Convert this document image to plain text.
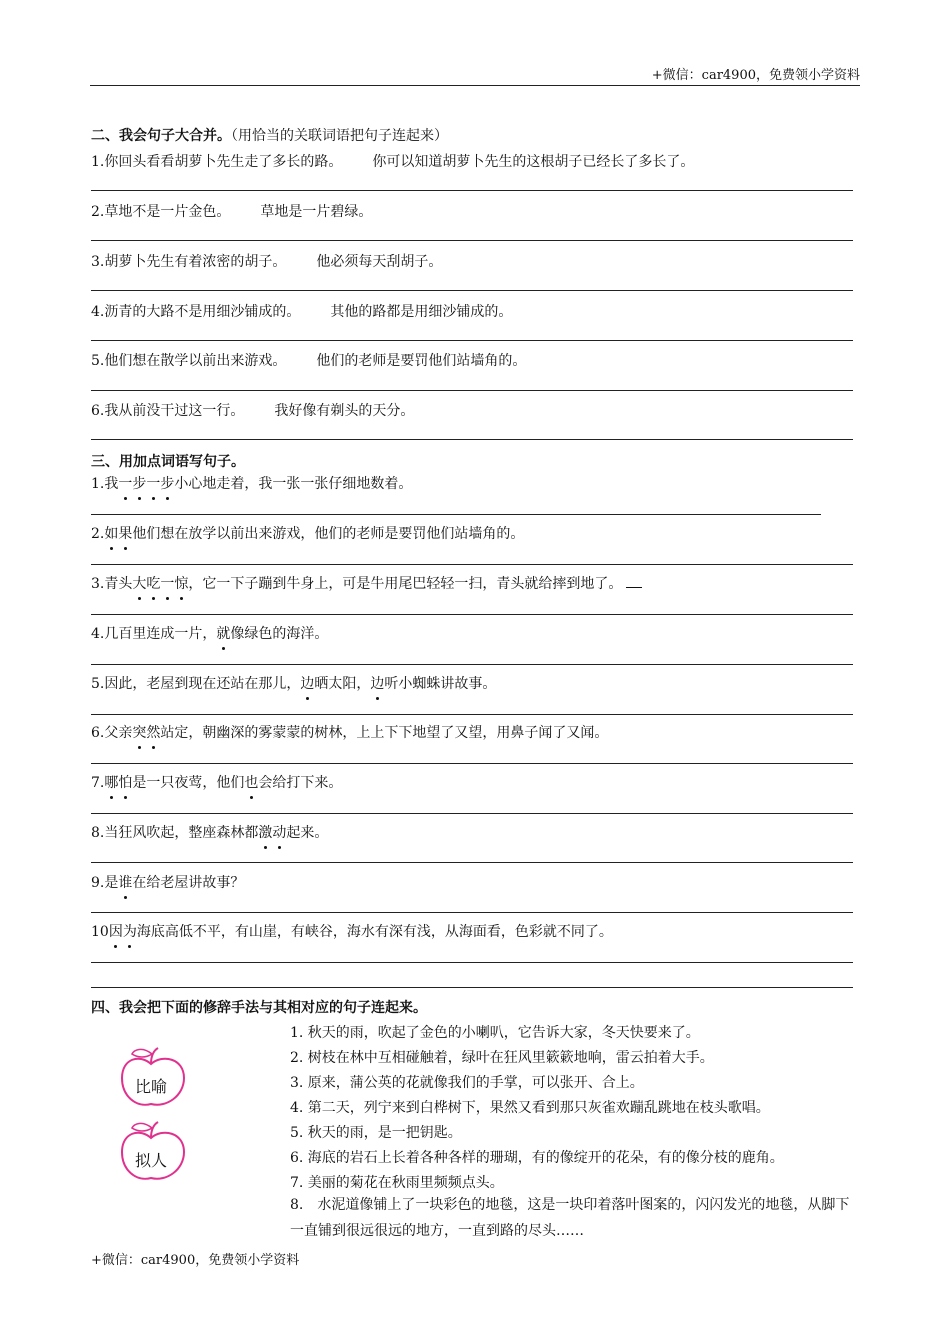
+微信：car4900，免费领小学资料
二、我会句子大合并。（用恰当的关联词语把句子连起来）
1.你回头看看胡萝卜先生走了多长的路。 你可以知道胡萝卜先生的这根胡子已经长了多长了。
2.草地不是一片金色。 草地是一片碧绿。
3.胡萝卜先生有着浓密的胡子。 他必须每天刮胡子。
4.沥青的大路不是用细沙铺成的。 其他的路都是用细沙铺成的。
5.他们想在散学以前出来游戏。 他们的老师是要罚他们站墙角的。
6.我从前没干过这一行。 我好像有剃头的天分。
三、用加点词语写句子。
1.我一步一步
小心地走着，我一张一张仔细地数着。
2.如果
他们想在放学以前出来游戏，他们的老师是要罚他们站墙角的。
3.青头大吃一惊
，它一下子蹦到牛身上，可是牛用尾巴轻轻一扫，青头就给摔到地了。
4.几百里连成一片，就像
绿色的海洋。
5.因此，老屋到现在还站在那儿，边
晒太阳，边
听小蜘蛛讲故事。
6.父亲突然
站定，朝幽深的雾蒙蒙的树林，上上下下地望了又望，用鼻子闻了又闻。
7.哪怕
是一只夜莺，他们也
会给打下来。
8.当狂风吹起，整座森林都激动
起来。
9.是谁
在给老屋讲故事？
10因为
海底高低不平，有山崖，有峡谷，海水有深有浅，从海面看，色彩就不同了。
四、我会把下面的修辞手法与其相对应的句子连起来。
比喻
拟人
1. 秋天的雨，吹起了金色的小喇叭，它告诉大家，冬天快要来了。
2. 树枝在林中互相碰触着，绿叶在狂风里簌簌地响，雷云拍着大手。
3. 原来，蒲公英的花就像我们的手掌，可以张开、合上。
4. 第二天，列宁来到白桦树下，果然又看到那只灰雀欢蹦乱跳地在枝头歌唱。
5. 秋天的雨，是一把钥匙。
6. 海底的岩石上长着各种各样的珊瑚，有的像绽开的花朵，有的像分枝的鹿角。
7. 美丽的菊花在秋雨里频频点头。
8.　水泥道像铺上了一块彩色的地毯，这是一块印着落叶图案的，闪闪发光的地毯，从脚下一直铺到很远很远的地方，一直到路的尽头……
+微信：car4900，免费领小学资料
